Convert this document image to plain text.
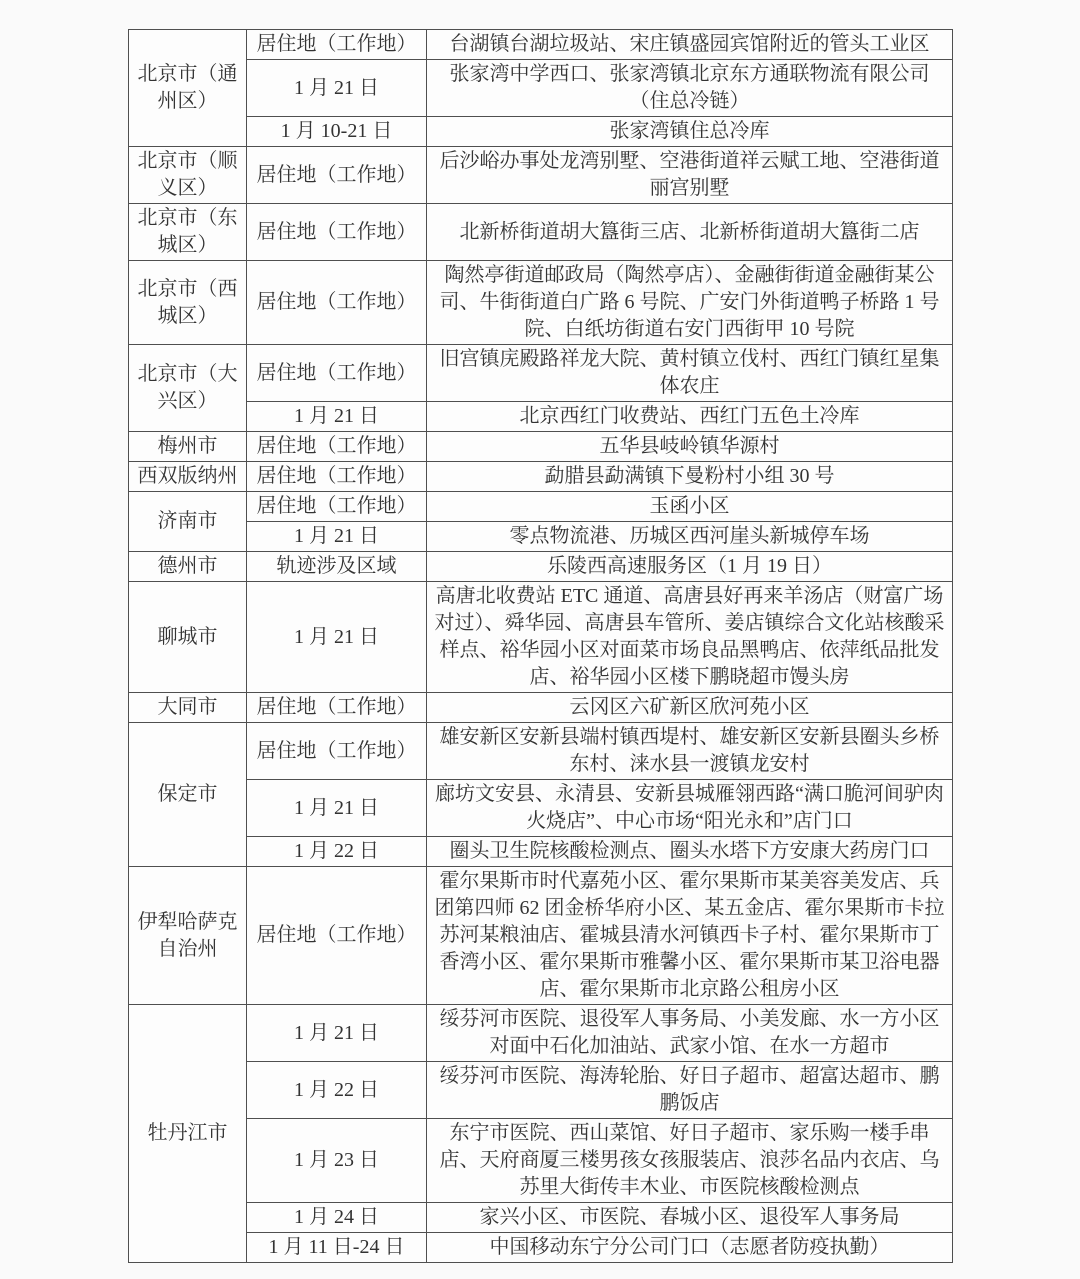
北京市（通州区）	居住地（工作地）	台湖镇台湖垃圾站、宋庄镇盛园宾馆附近的管头工业区
	1 月 21 日	张家湾中学西口、张家湾镇北京东方通联物流有限公司（住总冷链）
	1 月 10-21 日	张家湾镇住总冷库
北京市（顺义区）	居住地（工作地）	后沙峪办事处龙湾别墅、空港街道祥云赋工地、空港街道丽宫别墅
北京市（东城区）	居住地（工作地）	北新桥街道胡大簋街三店、北新桥街道胡大簋街二店
北京市（西城区）	居住地（工作地）	陶然亭街道邮政局（陶然亭店）、金融街街道金融街某公司、牛街街道白广路 6 号院、广安门外街道鸭子桥路 1 号院、白纸坊街道右安门西街甲 10 号院
北京市（大兴区）	居住地（工作地）	旧宫镇庑殿路祥龙大院、黄村镇立伐村、西红门镇红星集体农庄
	1 月 21 日	北京西红门收费站、西红门五色土冷库
梅州市	居住地（工作地）	五华县岐岭镇华源村
西双版纳州	居住地（工作地）	勐腊县勐满镇下曼粉村小组 30 号
济南市	居住地（工作地）	玉函小区
	1 月 21 日	零点物流港、历城区西河崖头新城停车场
德州市	轨迹涉及区域	乐陵西高速服务区（1 月 19 日）
聊城市	1 月 21 日	高唐北收费站 ETC 通道、高唐县好再来羊汤店（财富广场对过）、舜华园、高唐县车管所、姜店镇综合文化站核酸采样点、裕华园小区对面菜市场良品黑鸭店、依萍纸品批发店、裕华园小区楼下鹏晓超市馒头房
大同市	居住地（工作地）	云冈区六矿新区欣河苑小区
保定市	居住地（工作地）	雄安新区安新县端村镇西堤村、雄安新区安新县圈头乡桥东村、涞水县一渡镇龙安村
	1 月 21 日	廊坊文安县、永清县、安新县城雁翎西路“满口脆河间驴肉火烧店”、中心市场“阳光永和”店门口
	1 月 22 日	圈头卫生院核酸检测点、圈头水塔下方安康大药房门口
伊犁哈萨克自治州	居住地（工作地）	霍尔果斯市时代嘉苑小区、霍尔果斯市某美容美发店、兵团第四师 62 团金桥华府小区、某五金店、霍尔果斯市卡拉苏河某粮油店、霍城县清水河镇西卡子村、霍尔果斯市丁香湾小区、霍尔果斯市雅馨小区、霍尔果斯市某卫浴电器店、霍尔果斯市北京路公租房小区
牡丹江市	1 月 21 日	绥芬河市医院、退役军人事务局、小美发廊、水一方小区对面中石化加油站、武家小馆、在水一方超市
	1 月 22 日	绥芬河市医院、海涛轮胎、好日子超市、超富达超市、鹏鹏饭店
	1 月 23 日	东宁市医院、西山菜馆、好日子超市、家乐购一楼手串店、天府商厦三楼男孩女孩服装店、浪莎名品内衣店、乌苏里大街传丰木业、市医院核酸检测点
	1 月 24 日	家兴小区、市医院、春城小区、退役军人事务局
	1 月 11 日-24 日	中国移动东宁分公司门口（志愿者防疫执勤）
